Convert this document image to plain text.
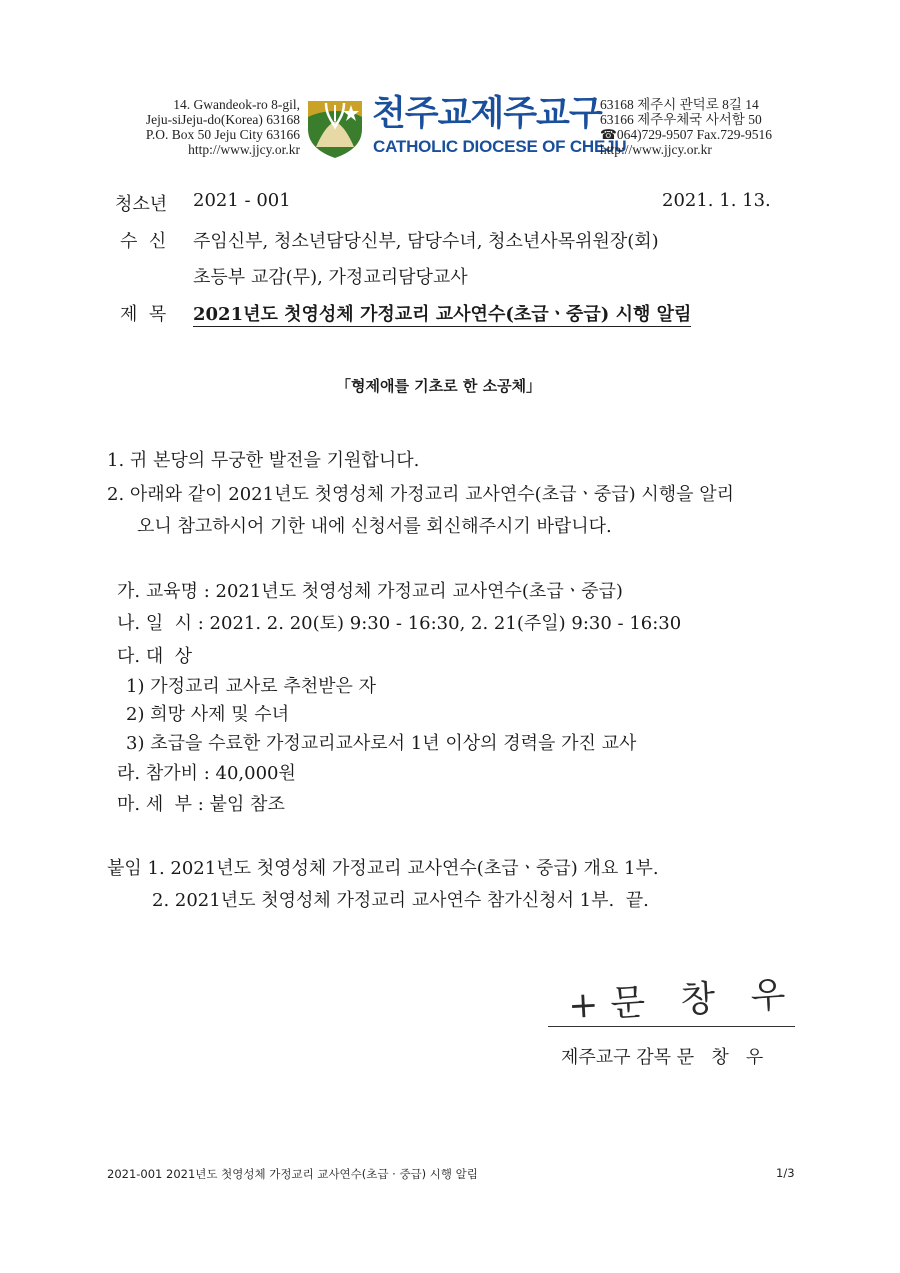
14. Gwandeok-ro 8-gil,
Jeju-siJeju-do(Korea) 63168
P.O. Box 50 Jeju City 63166
http://www.jjcy.or.kr
천주교제주교구
CATHOLIC DIOCESE OF CHEJU
63168 제주시 관덕로 8길 14
63166 제주우체국 사서함 50
☎064)729-9507 Fax.729-9516
http://www.jjcy.or.kr
청소년 2021 - 001	2021. 1. 13.
수  신 주임신부, 청소년담당신부, 담당수녀, 청소년사목위원장(회)
초등부 교감(무), 가정교리담당교사
제  목 2021년도 첫영성체 가정교리 교사연수(초급ㆍ중급) 시행 알림
「형제애를 기초로 한 소공체」
1. 귀 본당의 무궁한 발전을 기원합니다.
2. 아래와 같이 2021년도 첫영성체 가정교리 교사연수(초급ㆍ중급) 시행을 알리
오니 참고하시어 기한 내에 신청서를 회신해주시기 바랍니다.
가. 교육명 : 2021년도 첫영성체 가정교리 교사연수(초급ㆍ중급)
나. 일  시 : 2021. 2. 20(토) 9:30 - 16:30, 2. 21(주일) 9:30 - 16:30
다. 대  상
1) 가정교리 교사로 추천받은 자
2) 희망 사제 및 수녀
3) 초급을 수료한 가정교리교사로서 1년 이상의 경력을 가진 교사
라. 참가비 : 40,000원
마. 세  부 : 붙임 참조
붙임 1. 2021년도 첫영성체 가정교리 교사연수(초급ㆍ중급) 개요 1부.
2. 2021년도 첫영성체 가정교리 교사연수 참가신청서 1부.  끝.
+문 창 우
제주교구 감목 문   창   우
2021-001 2021년도 첫영성체 가정교리 교사연수(초급 · 중급) 시행 알림	1/3
